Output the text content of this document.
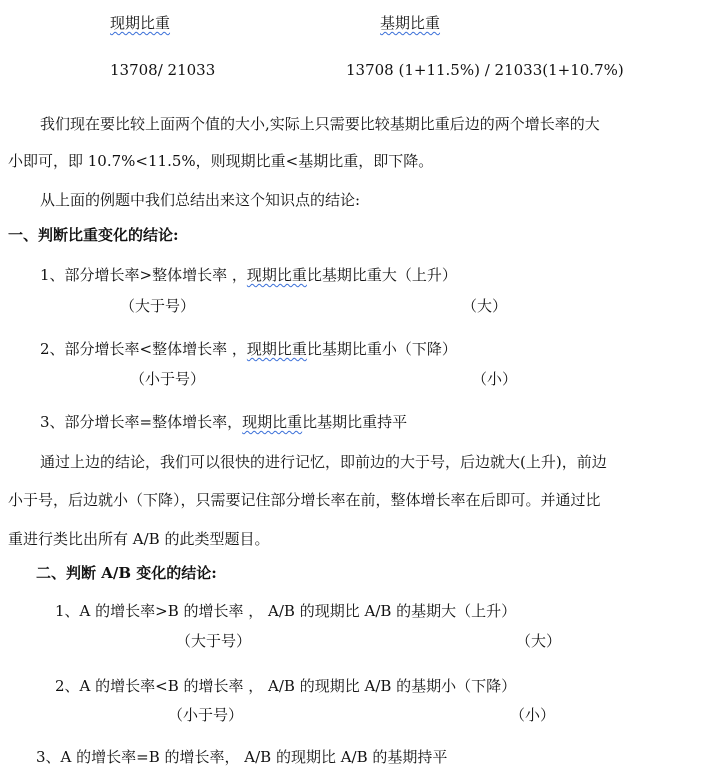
现期比重	基期比重
13708/ 21033	13708 (1+11.5%) / 21033(1+10.7%)
我们现在要比较上面两个值的大小,实际上只需要比较基期比重后边的两个增长率的大
小即可，即 10.7%<11.5%，则现期比重<基期比重，即下降。
从上面的例题中我们总结出来这个知识点的结论:
一、判断比重变化的结论:
1、部分增长率>整体增长率 ，现期比重比基期比重大（上升）
（大于号）	（大）
2、部分增长率<整体增长率 ，现期比重比基期比重小（下降）
（小于号）	（小）
3、部分增长率=整体增长率，现期比重比基期比重持平
通过上边的结论，我们可以很快的进行记忆，即前边的大于号，后边就大(上升)，前边
小于号，后边就小（下降），只需要记住部分增长率在前，整体增长率在后即可。并通过比
重进行类比出所有 A/B 的此类型题目。
二、判断 A/B 变化的结论:
1、A 的增长率>B 的增长率 ， A/B 的现期比 A/B 的基期大（上升）
（大于号）	（大）
2、A 的增长率<B 的增长率 ， A/B 的现期比 A/B 的基期小（下降）
（小于号）	（小）
3、A 的增长率=B 的增长率， A/B 的现期比 A/B 的基期持平
